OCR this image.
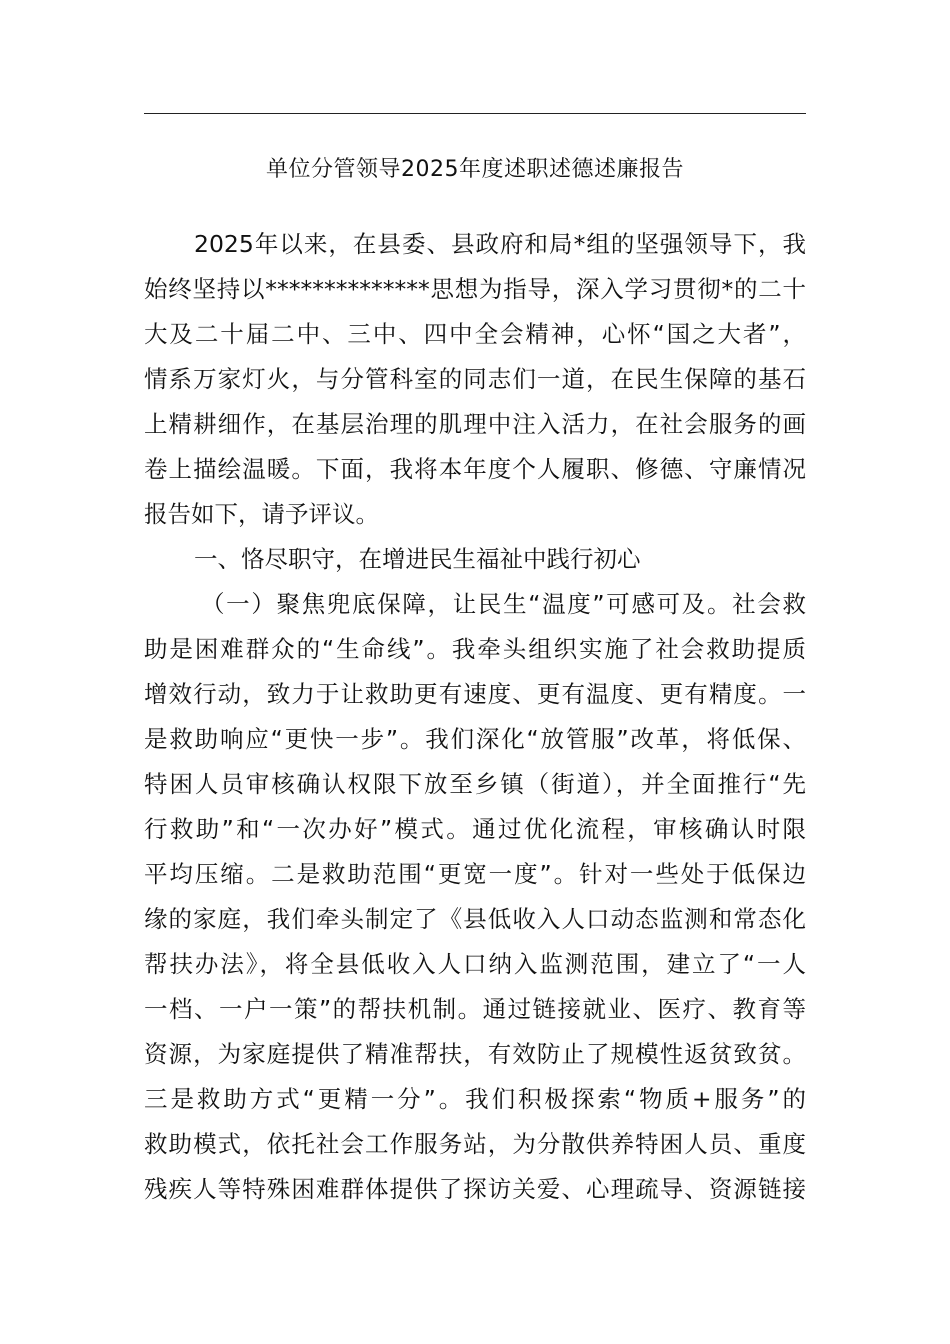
单位分管领导2025年度述职述德述廉报告
2025年以来，在县委、县政府和局*组的坚强领导下，我
始终坚持以**************思想为指导，深入学习贯彻*的二十
大及二十届二中、三中、四中全会精神，心怀“国之大者”，
情系万家灯火，与分管科室的同志们一道，在民生保障的基石
上精耕细作，在基层治理的肌理中注入活力，在社会服务的画
卷上描绘温暖。下面，我将本年度个人履职、修德、守廉情况
报告如下，请予评议。
一、恪尽职守，在增进民生福祉中践行初心
（一）聚焦兜底保障，让民生“温度”可感可及。社会救
助是困难群众的“生命线”。我牵头组织实施了社会救助提质
增效行动，致力于让救助更有速度、更有温度、更有精度。一
是救助响应“更快一步”。我们深化“放管服”改革，将低保、
特困人员审核确认权限下放至乡镇（街道），并全面推行“先
行救助”和“一次办好”模式。通过优化流程，审核确认时限
平均压缩。二是救助范围“更宽一度”。针对一些处于低保边
缘的家庭，我们牵头制定了《县低收入人口动态监测和常态化
帮扶办法》，将全县低收入人口纳入监测范围，建立了“一人
一档、一户一策”的帮扶机制。通过链接就业、医疗、教育等
资源，为家庭提供了精准帮扶，有效防止了规模性返贫致贫。
三是救助方式“更精一分”。我们积极探索“物质+服务”的
救助模式，依托社会工作服务站，为分散供养特困人员、重度
残疾人等特殊困难群体提供了探访关爱、心理疏导、资源链接
